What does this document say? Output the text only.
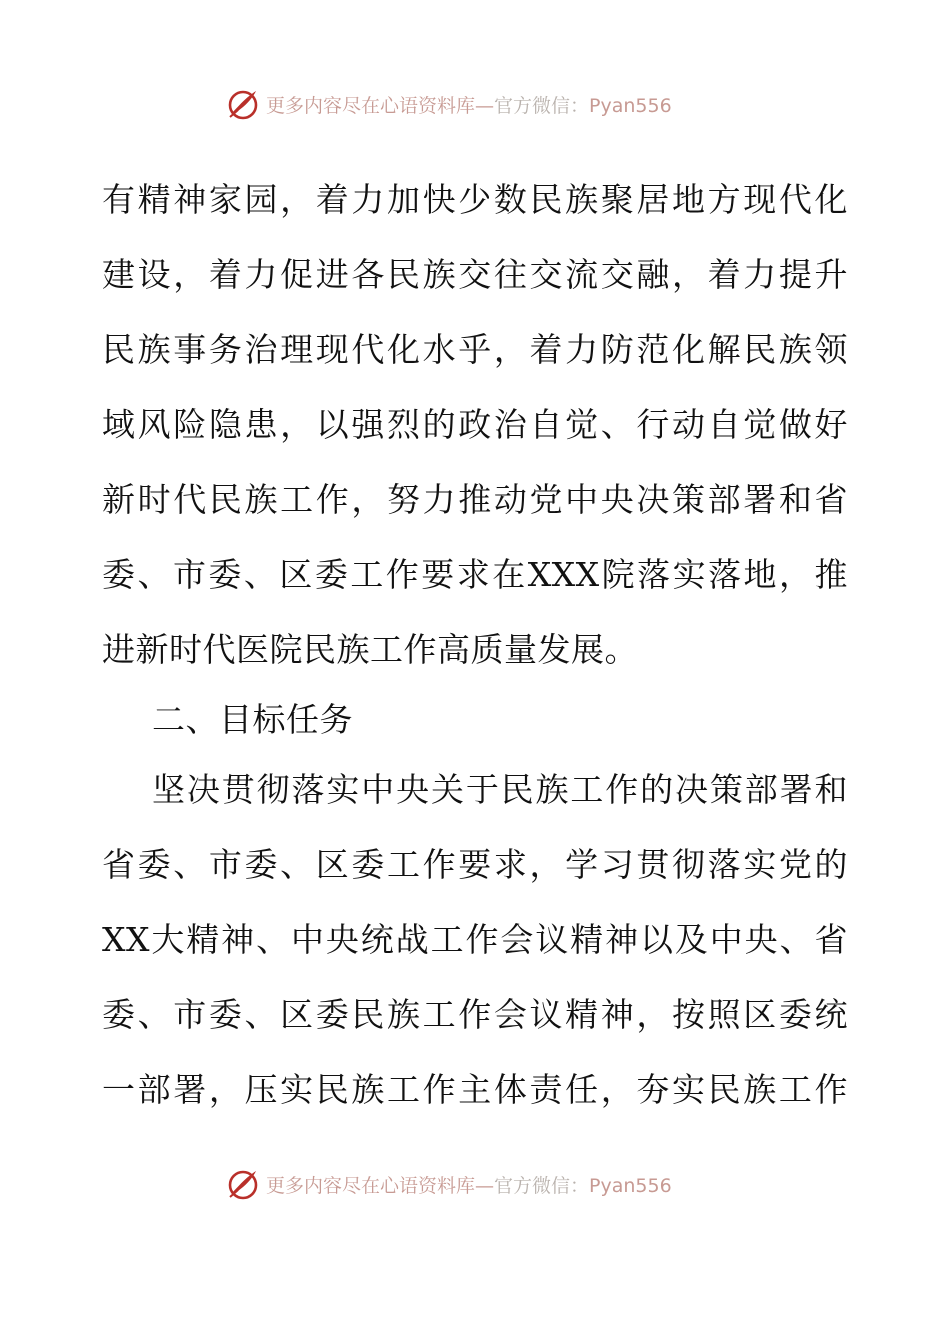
更多内容尽在心语资料库—官方微信：Pyan556
有精神家园，着力加快少数民族聚居地方现代化
建设，着力促进各民族交往交流交融，着力提升
民族事务治理现代化水乎，着力防范化解民族领
域风险隐患，以强烈的政治自觉、行动自觉做好
新时代民族工作，努力推动党中央决策部署和省
委、市委、区委工作要求在XXX院落实落地，推
进新时代医院民族工作高质量发展。
二、目标任务
坚决贯彻落实中央关于民族工作的决策部署和
省委、市委、区委工作要求，学习贯彻落实党的
XX大精神、中央统战工作会议精神以及中央、省
委、市委、区委民族工作会议精神，按照区委统
一部署，压实民族工作主体责任，夯实民族工作
更多内容尽在心语资料库—官方微信：Pyan556
